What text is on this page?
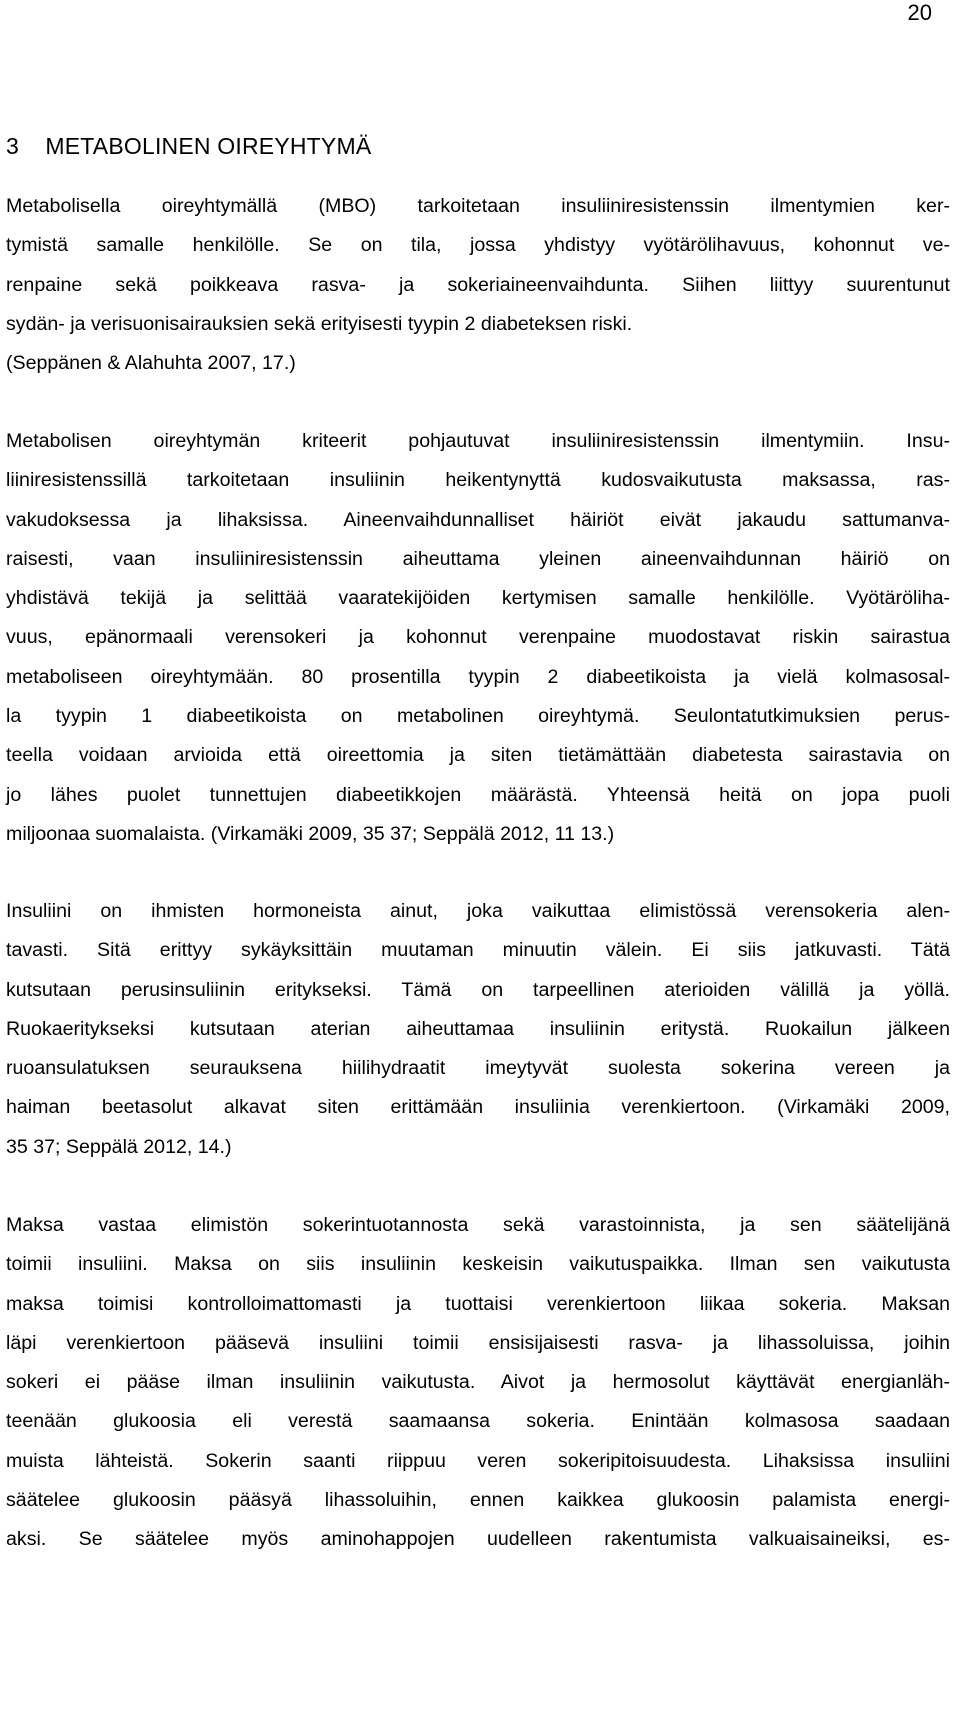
20
3    METABOLINEN OIREYHTYMÄ
Metabolisella oireyhtymällä (MBO) tarkoitetaan insuliiniresistenssin ilmentymien ker-
tymistä samalle henkilölle. Se on tila, jossa yhdistyy vyötärölihavuus, kohonnut ve-
renpaine sekä poikkeava rasva- ja sokeriaineenvaihdunta. Siihen liittyy suurentunut
sydän- ja verisuonisairauksien sekä erityisesti tyypin 2 diabeteksen riski.
(Seppänen & Alahuhta 2007, 17.)
Metabolisen oireyhtymän kriteerit pohjautuvat insuliiniresistenssin ilmentymiin. Insu-
liiniresistenssillä tarkoitetaan insuliinin heikentynyttä kudosvaikutusta maksassa, ras-
vakudoksessa ja lihaksissa. Aineenvaihdunnalliset häiriöt eivät jakaudu sattumanva-
raisesti, vaan insuliiniresistenssin aiheuttama yleinen aineenvaihdunnan häiriö on
yhdistävä tekijä ja selittää vaaratekijöiden kertymisen samalle henkilölle. Vyötäröliha-
vuus, epänormaali verensokeri ja kohonnut verenpaine muodostavat riskin sairastua
metaboliseen oireyhtymään. 80 prosentilla tyypin 2 diabeetikoista ja vielä kolmasosal-
la tyypin 1 diabeetikoista on metabolinen oireyhtymä. Seulontatutkimuksien perus-
teella voidaan arvioida että oireettomia ja siten tietämättään diabetesta sairastavia on
jo lähes puolet tunnettujen diabeetikkojen määrästä. Yhteensä heitä on jopa puoli
miljoonaa suomalaista. (Virkamäki 2009, 35 37; Seppälä 2012, 11 13.)
Insuliini on ihmisten hormoneista ainut, joka vaikuttaa elimistössä verensokeria alen-
tavasti. Sitä erittyy sykäyksittäin muutaman minuutin välein. Ei siis jatkuvasti. Tätä
kutsutaan perusinsuliinin eritykseksi. Tämä on tarpeellinen aterioiden välillä ja yöllä.
Ruokaeritykseksi kutsutaan aterian aiheuttamaa insuliinin eritystä. Ruokailun jälkeen
ruoansulatuksen seurauksena hiilihydraatit imeytyvät suolesta sokerina vereen ja
haiman beetasolut alkavat siten erittämään insuliinia verenkiertoon. (Virkamäki 2009,
35 37; Seppälä 2012, 14.)
Maksa vastaa elimistön sokerintuotannosta sekä varastoinnista, ja sen säätelijänä
toimii insuliini. Maksa on siis insuliinin keskeisin vaikutuspaikka. Ilman sen vaikutusta
maksa toimisi kontrolloimattomasti ja tuottaisi verenkiertoon liikaa sokeria. Maksan
läpi verenkiertoon pääsevä insuliini toimii ensisijaisesti rasva- ja lihassoluissa, joihin
sokeri ei pääse ilman insuliinin vaikutusta. Aivot ja hermosolut käyttävät energianläh-
teenään glukoosia eli verestä saamaansa sokeria. Enintään kolmasosa saadaan
muista lähteistä. Sokerin saanti riippuu veren sokeripitoisuudesta. Lihaksissa insuliini
säätelee glukoosin pääsyä lihassoluihin, ennen kaikkea glukoosin palamista energi-
aksi. Se säätelee myös aminohappojen uudelleen rakentumista valkuaisaineiksi, es-
